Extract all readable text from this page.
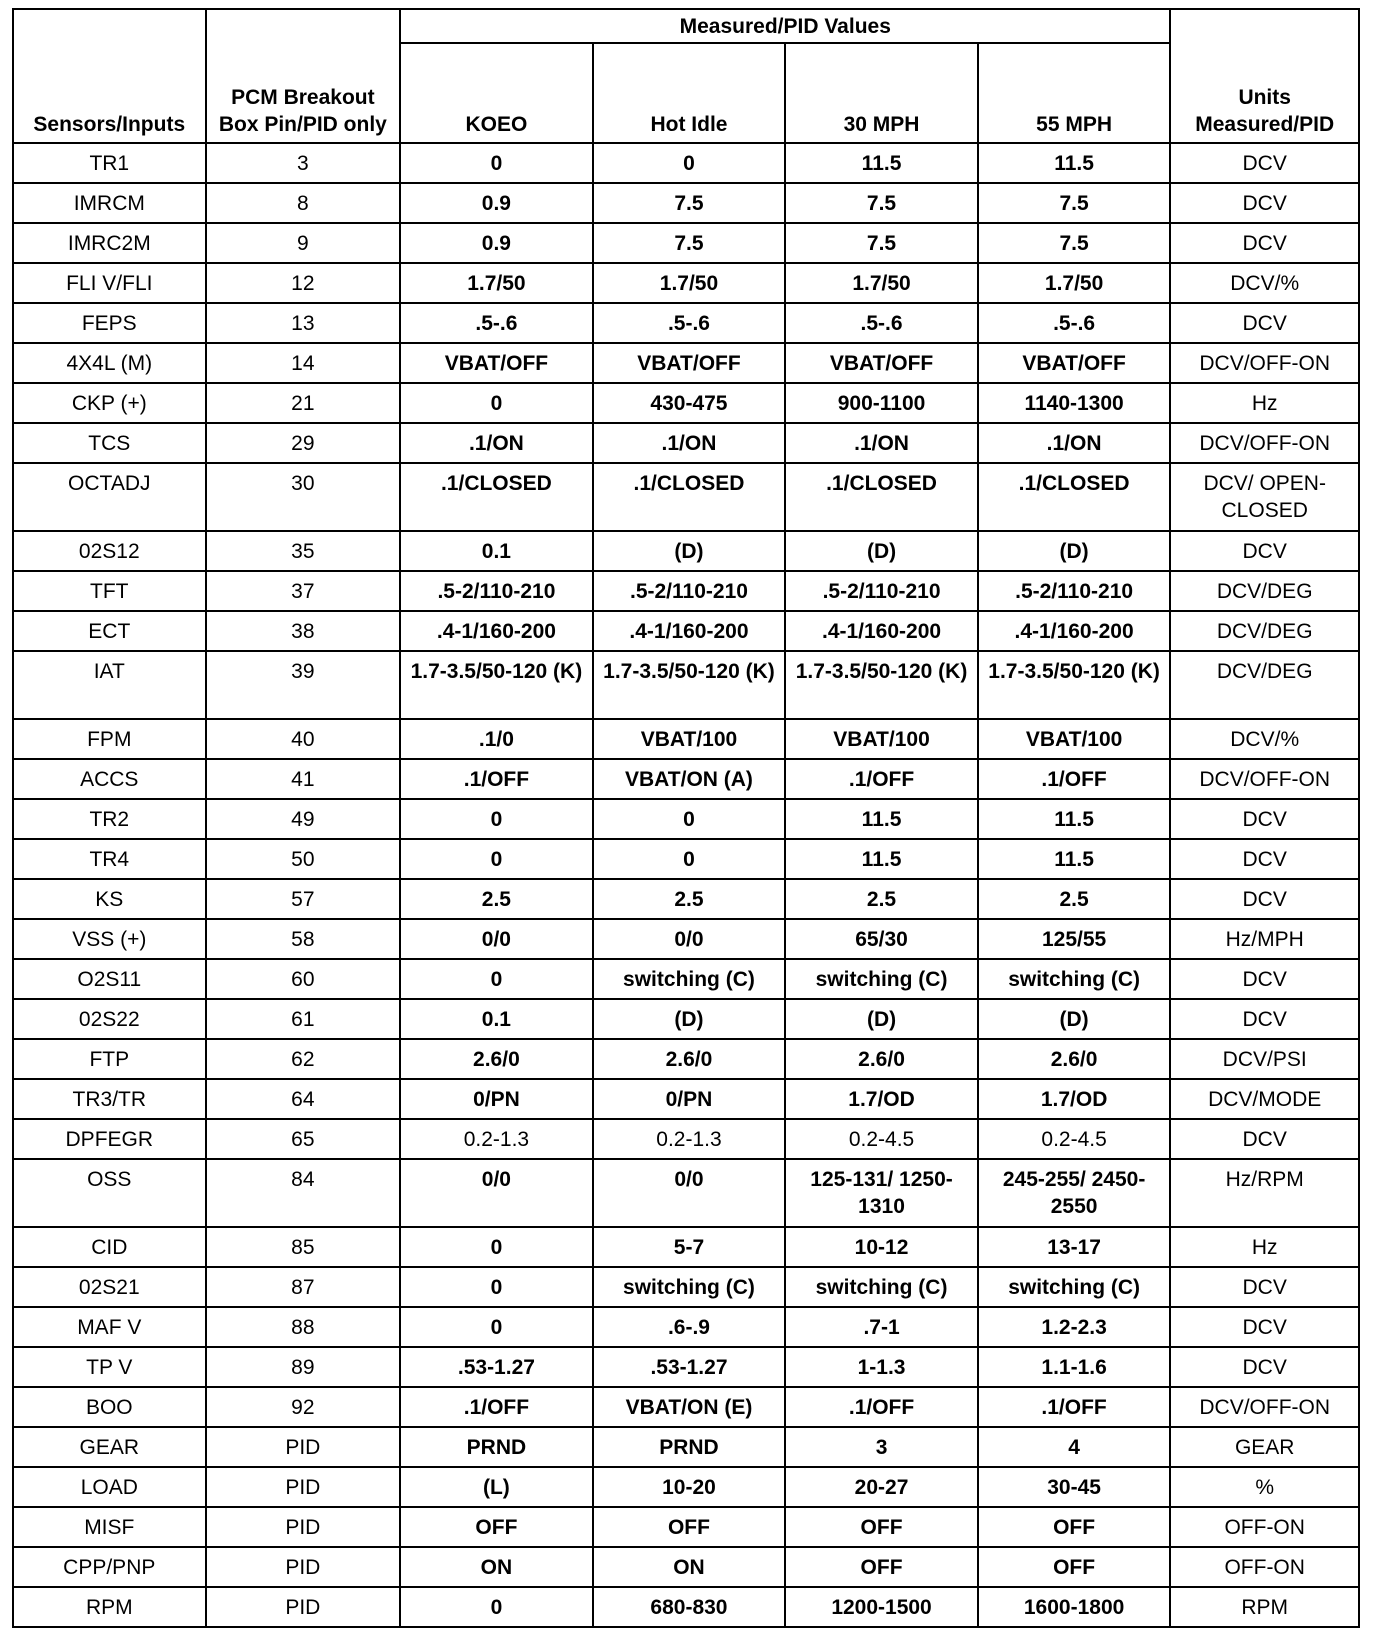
Sensors/Inputs	PCM Breakout Box Pin/PID only	Measured/PID Values				Units Measured/PID
		KOEO	Hot Idle	30 MPH	55 MPH	
TR1	3	0	0	11.5	11.5	DCV
IMRCM	8	0.9	7.5	7.5	7.5	DCV
IMRC2M	9	0.9	7.5	7.5	7.5	DCV
FLI V/FLI	12	1.7/50	1.7/50	1.7/50	1.7/50	DCV/%
FEPS	13	.5-.6	.5-.6	.5-.6	.5-.6	DCV
4X4L (M)	14	VBAT/OFF	VBAT/OFF	VBAT/OFF	VBAT/OFF	DCV/OFF-ON
CKP (+)	21	0	430-475	900-1100	1140-1300	Hz
TCS	29	.1/ON	.1/ON	.1/ON	.1/ON	DCV/OFF-ON
OCTADJ	30	.1/CLOSED	.1/CLOSED	.1/CLOSED	.1/CLOSED	DCV/ OPEN-CLOSED
02S12	35	0.1	(D)	(D)	(D)	DCV
TFT	37	.5-2/110-210	.5-2/110-210	.5-2/110-210	.5-2/110-210	DCV/DEG
ECT	38	.4-1/160-200	.4-1/160-200	.4-1/160-200	.4-1/160-200	DCV/DEG
IAT	39	1.7-3.5/50-120 (K)	1.7-3.5/50-120 (K)	1.7-3.5/50-120 (K)	1.7-3.5/50-120 (K)	DCV/DEG
FPM	40	.1/0	VBAT/100	VBAT/100	VBAT/100	DCV/%
ACCS	41	.1/OFF	VBAT/ON (A)	.1/OFF	.1/OFF	DCV/OFF-ON
TR2	49	0	0	11.5	11.5	DCV
TR4	50	0	0	11.5	11.5	DCV
KS	57	2.5	2.5	2.5	2.5	DCV
VSS (+)	58	0/0	0/0	65/30	125/55	Hz/MPH
O2S11	60	0	switching (C)	switching (C)	switching (C)	DCV
02S22	61	0.1	(D)	(D)	(D)	DCV
FTP	62	2.6/0	2.6/0	2.6/0	2.6/0	DCV/PSI
TR3/TR	64	0/PN	0/PN	1.7/OD	1.7/OD	DCV/MODE
DPFEGR	65	0.2-1.3	0.2-1.3	0.2-4.5	0.2-4.5	DCV
OSS	84	0/0	0/0	125-131/ 1250-1310	245-255/ 2450-2550	Hz/RPM
CID	85	0	5-7	10-12	13-17	Hz
02S21	87	0	switching (C)	switching (C)	switching (C)	DCV
MAF V	88	0	.6-.9	.7-1	1.2-2.3	DCV
TP V	89	.53-1.27	.53-1.27	1-1.3	1.1-1.6	DCV
BOO	92	.1/OFF	VBAT/ON (E)	.1/OFF	.1/OFF	DCV/OFF-ON
GEAR	PID	PRND	PRND	3	4	GEAR
LOAD	PID	(L)	10-20	20-27	30-45	%
MISF	PID	OFF	OFF	OFF	OFF	OFF-ON
CPP/PNP	PID	ON	ON	OFF	OFF	OFF-ON
RPM	PID	0	680-830	1200-1500	1600-1800	RPM
